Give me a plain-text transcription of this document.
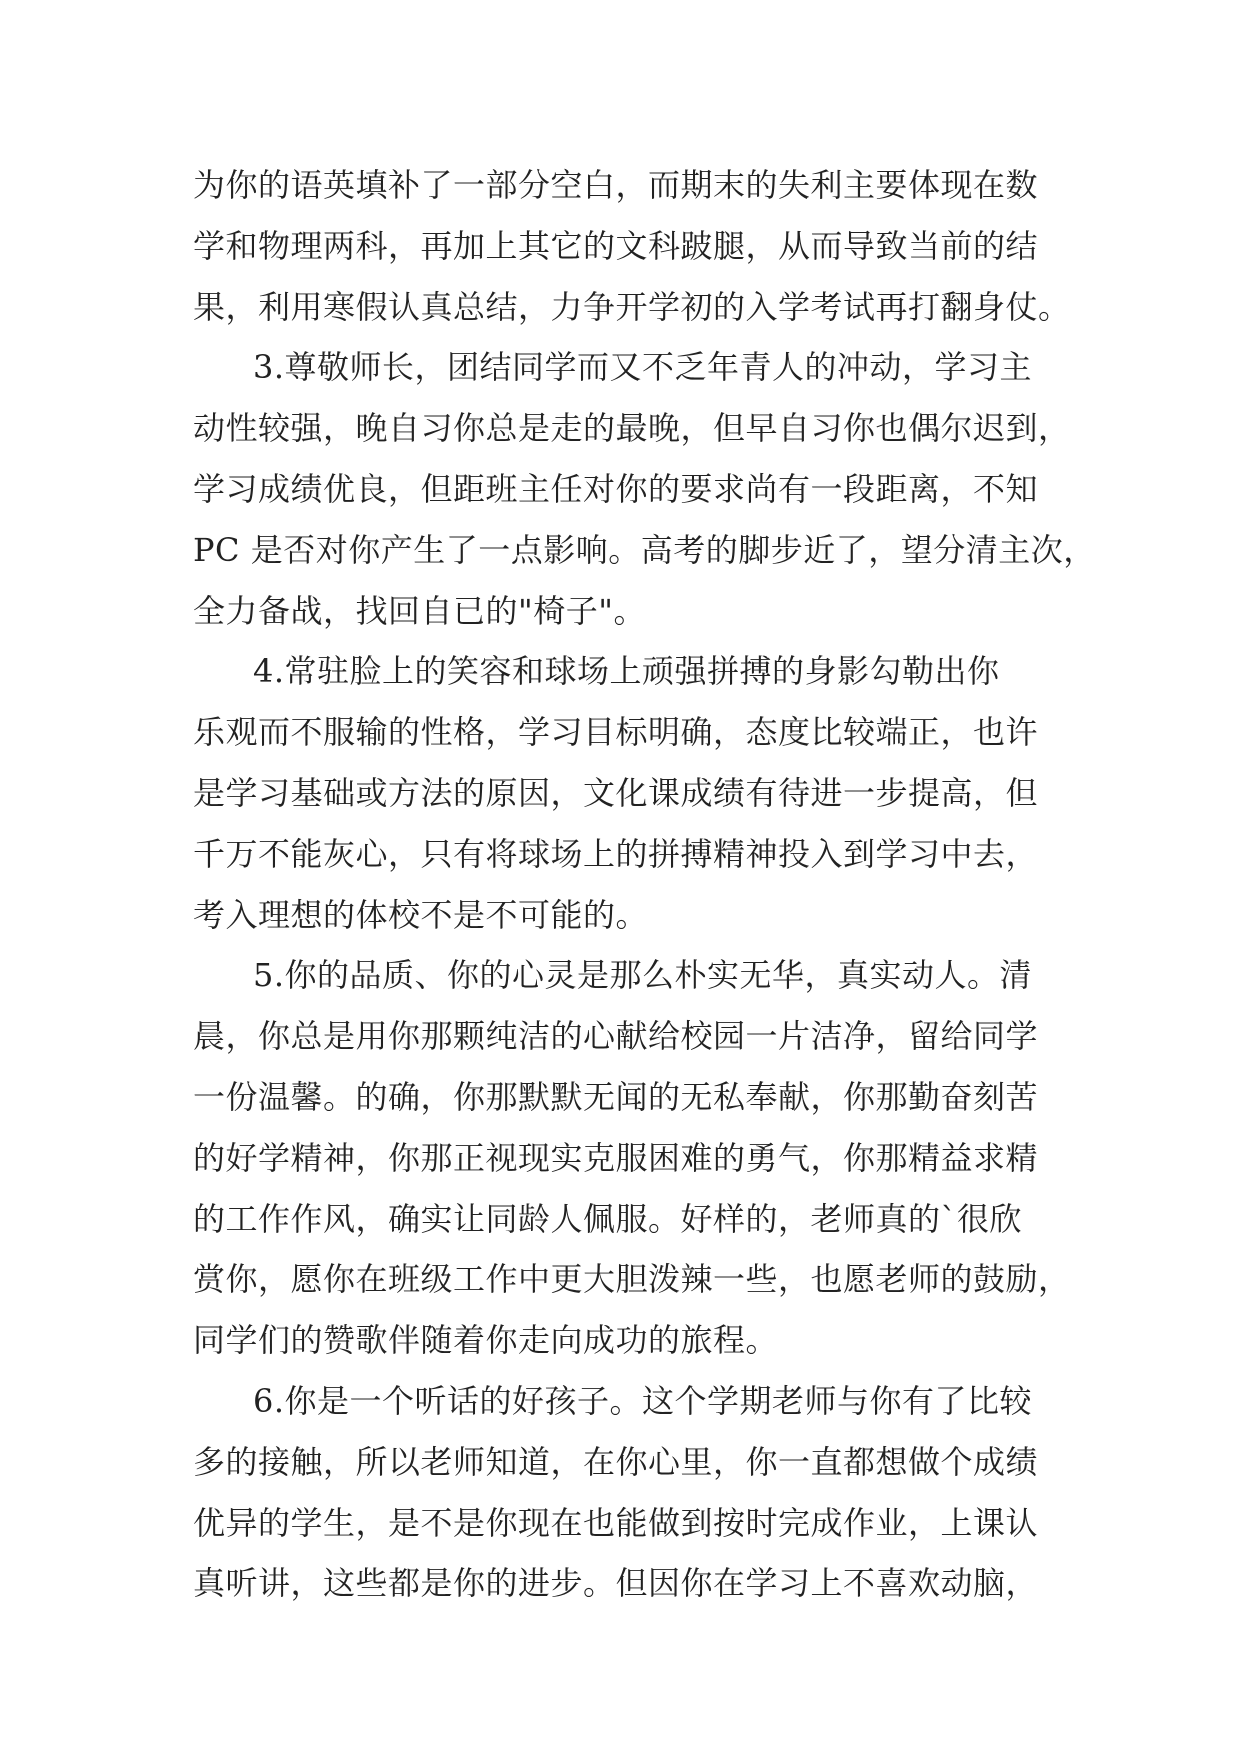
为你的语英填补了一部分空白，而期末的失利主要体现在数
学和物理两科，再加上其它的文科跛腿，从而导致当前的结
果，利用寒假认真总结，力争开学初的入学考试再打翻身仗。
3.尊敬师长，团结同学而又不乏年青人的冲动，学习主
动性较强，晚自习你总是走的最晚，但早自习你也偶尔迟到，
学习成绩优良，但距班主任对你的要求尚有一段距离，不知
PC 是否对你产生了一点影响。高考的脚步近了，望分清主次，
全力备战，找回自已的"椅子"。
4.常驻脸上的笑容和球场上顽强拼搏的身影勾勒出你
乐观而不服输的性格，学习目标明确，态度比较端正，也许
是学习基础或方法的原因，文化课成绩有待进一步提高，但
千万不能灰心，只有将球场上的拼搏精神投入到学习中去，
考入理想的体校不是不可能的。
5.你的品质、你的心灵是那么朴实无华，真实动人。清
晨，你总是用你那颗纯洁的心献给校园一片洁净，留给同学
一份温馨。的确，你那默默无闻的无私奉献，你那勤奋刻苦
的好学精神，你那正视现实克服困难的勇气，你那精益求精
的工作作风，确实让同龄人佩服。好样的，老师真的`很欣
赏你，愿你在班级工作中更大胆泼辣一些，也愿老师的鼓励，
同学们的赞歌伴随着你走向成功的旅程。
6.你是一个听话的好孩子。这个学期老师与你有了比较
多的接触，所以老师知道，在你心里，你一直都想做个成绩
优异的学生，是不是你现在也能做到按时完成作业，上课认
真听讲，这些都是你的进步。但因你在学习上不喜欢动脑，
